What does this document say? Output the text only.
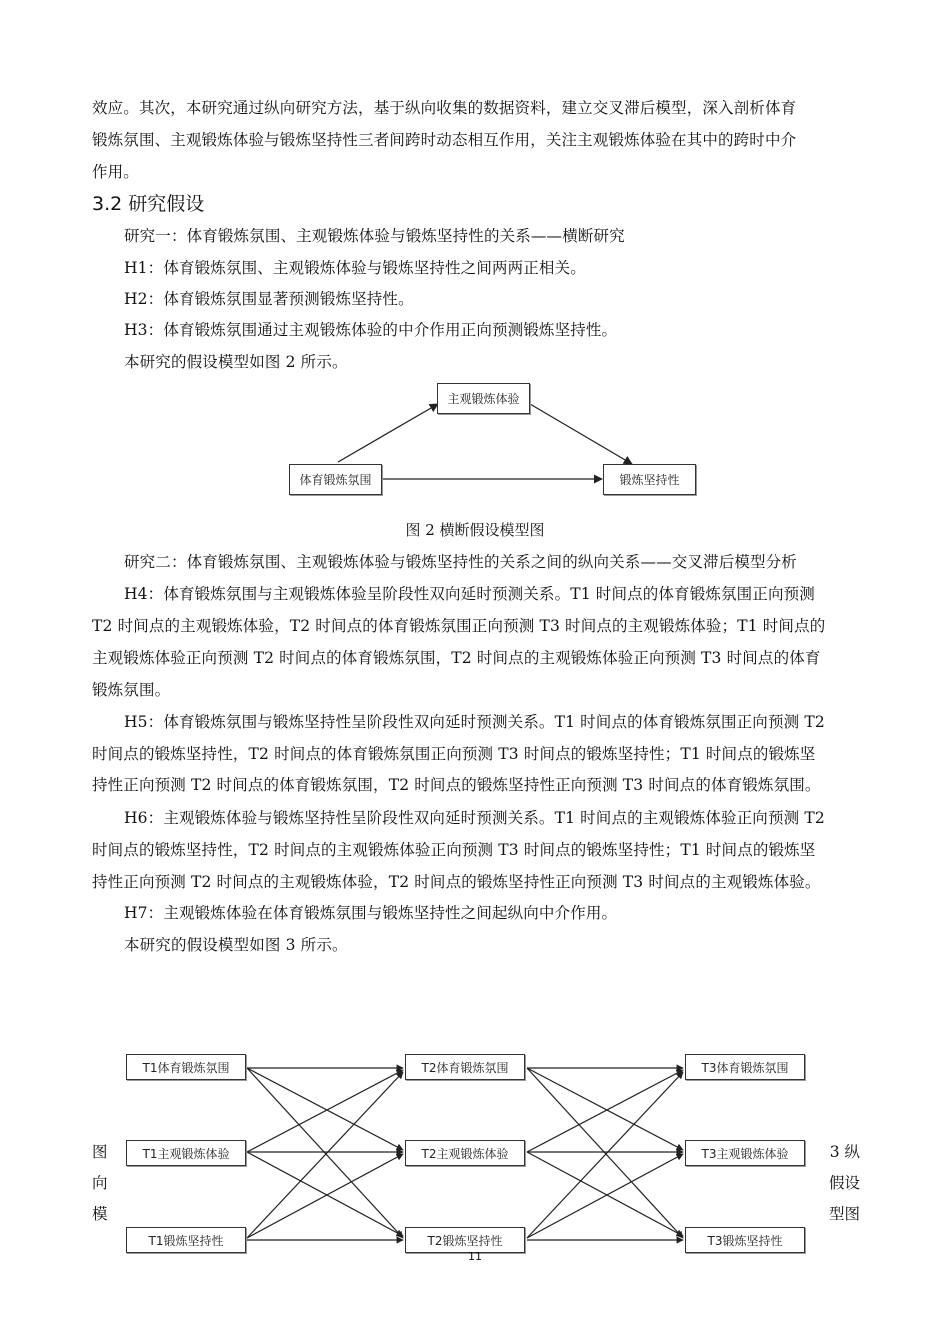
效应。其次，本研究通过纵向研究方法，基于纵向收集的数据资料，建立交叉滞后模型，深入剖析体育
锻炼氛围、主观锻炼体验与锻炼坚持性三者间跨时动态相互作用，关注主观锻炼体验在其中的跨时中介
作用。
3.2 研究假设
研究一：体育锻炼氛围、主观锻炼体验与锻炼坚持性的关系——横断研究
H1：体育锻炼氛围、主观锻炼体验与锻炼坚持性之间两两正相关。
H2：体育锻炼氛围显著预测锻炼坚持性。
H3：体育锻炼氛围通过主观锻炼体验的中介作用正向预测锻炼坚持性。
本研究的假设模型如图 2 所示。
主观锻炼体验
体育锻炼氛围	锻炼坚持性
图 2 横断假设模型图
研究二：体育锻炼氛围、主观锻炼体验与锻炼坚持性的关系之间的纵向关系——交叉滞后模型分析
H4：体育锻炼氛围与主观锻炼体验呈阶段性双向延时预测关系。T1 时间点的体育锻炼氛围正向预测
T2 时间点的主观锻炼体验，T2 时间点的体育锻炼氛围正向预测 T3 时间点的主观锻炼体验；T1 时间点的
主观锻炼体验正向预测 T2 时间点的体育锻炼氛围，T2 时间点的主观锻炼体验正向预测 T3 时间点的体育
锻炼氛围。
H5：体育锻炼氛围与锻炼坚持性呈阶段性双向延时预测关系。T1 时间点的体育锻炼氛围正向预测 T2
时间点的锻炼坚持性，T2 时间点的体育锻炼氛围正向预测 T3 时间点的锻炼坚持性；T1 时间点的锻炼坚
持性正向预测 T2 时间点的体育锻炼氛围，T2 时间点的锻炼坚持性正向预测 T3 时间点的体育锻炼氛围。
H6：主观锻炼体验与锻炼坚持性呈阶段性双向延时预测关系。T1 时间点的主观锻炼体验正向预测 T2
时间点的锻炼坚持性，T2 时间点的主观锻炼体验正向预测 T3 时间点的锻炼坚持性；T1 时间点的锻炼坚
持性正向预测 T2 时间点的主观锻炼体验，T2 时间点的锻炼坚持性正向预测 T3 时间点的主观锻炼体验。
H7：主观锻炼体验在体育锻炼氛围与锻炼坚持性之间起纵向中介作用。
本研究的假设模型如图 3 所示。
T1体育锻炼氛围
T1主观锻炼体验
T1锻炼坚持性
T2体育锻炼氛围
T2主观锻炼体验
T2锻炼坚持性
T3体育锻炼氛围
T3主观锻炼体验
T3锻炼坚持性
图
向
模
3 纵
假设
型图
11
